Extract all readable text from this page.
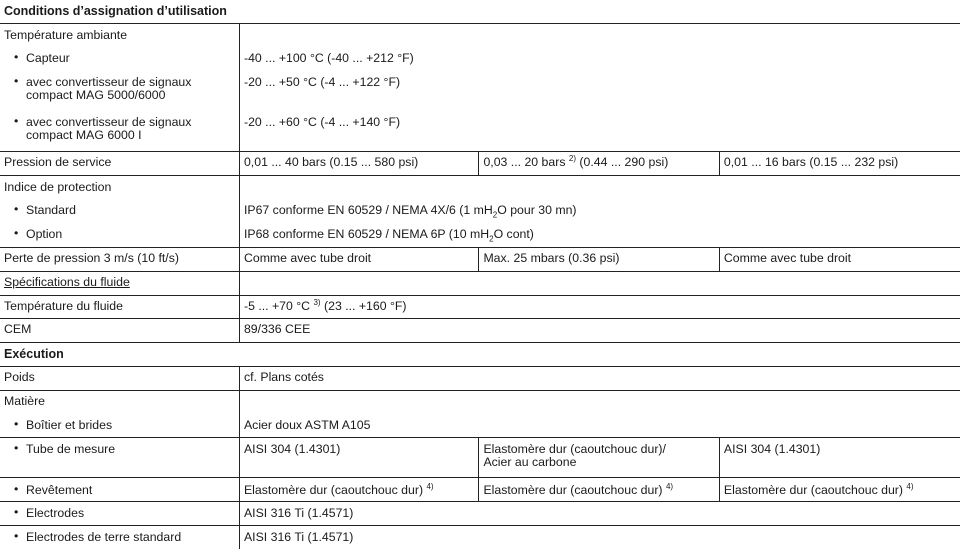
Conditions d’assignation d’utilisation			
Température ambiante			
• Capteur	-40 ... +100 °C (-40 ... +212 °F)		
• avec convertisseur de signaux
compact MAG 5000/6000	-20 ... +50 °C (-4 ... +122 °F)		
• avec convertisseur de signaux
compact MAG 6000 I	-20 ... +60 °C (-4 ... +140 °F)		
Pression de service	0,01 ... 40 bars (0.15 ... 580 psi)	0,03 ... 20 bars $^{2)}$ (0.44 ... 290 psi)	0,01 ... 16 bars (0.15 ... 232 psi)
Indice de protection			
• Standard	IP67 conforme EN 60529 / NEMA 4X/6 (1 $mH_2O$ pour 30 mn)		
• Option	IP68 conforme EN 60529 / NEMA 6P (10 $mH_2O$ cont)		
Perte de pression 3 m/s (10 ft/s)	Comme avec tube droit	Max. 25 mbars (0.36 psi)	Comme avec tube droit
Spécifications du fluide			
Température du fluide	-5 ... +70 °C $^{3)}$ (23 ... +160 °F)		
CEM	89/336 CEE		
Exécution			
Poids	cf. Plans cotés		
Matière			
• Boîtier et brides	Acier doux ASTM A105		
• Tube de mesure	AISI 304 (1.4301)	Elastomère dur (caoutchouc dur)/
Acier au carbone	AISI 304 (1.4301)
• Revêtement	Elastomère dur (caoutchouc dur) $^{4)}$	Elastomère dur (caoutchouc dur) $^{4)}$	Elastomère dur (caoutchouc dur) $^{4)}$
• Electrodes	AISI 316 Ti (1.4571)		
• Electrodes de terre standard	AISI 316 Ti (1.4571)		
